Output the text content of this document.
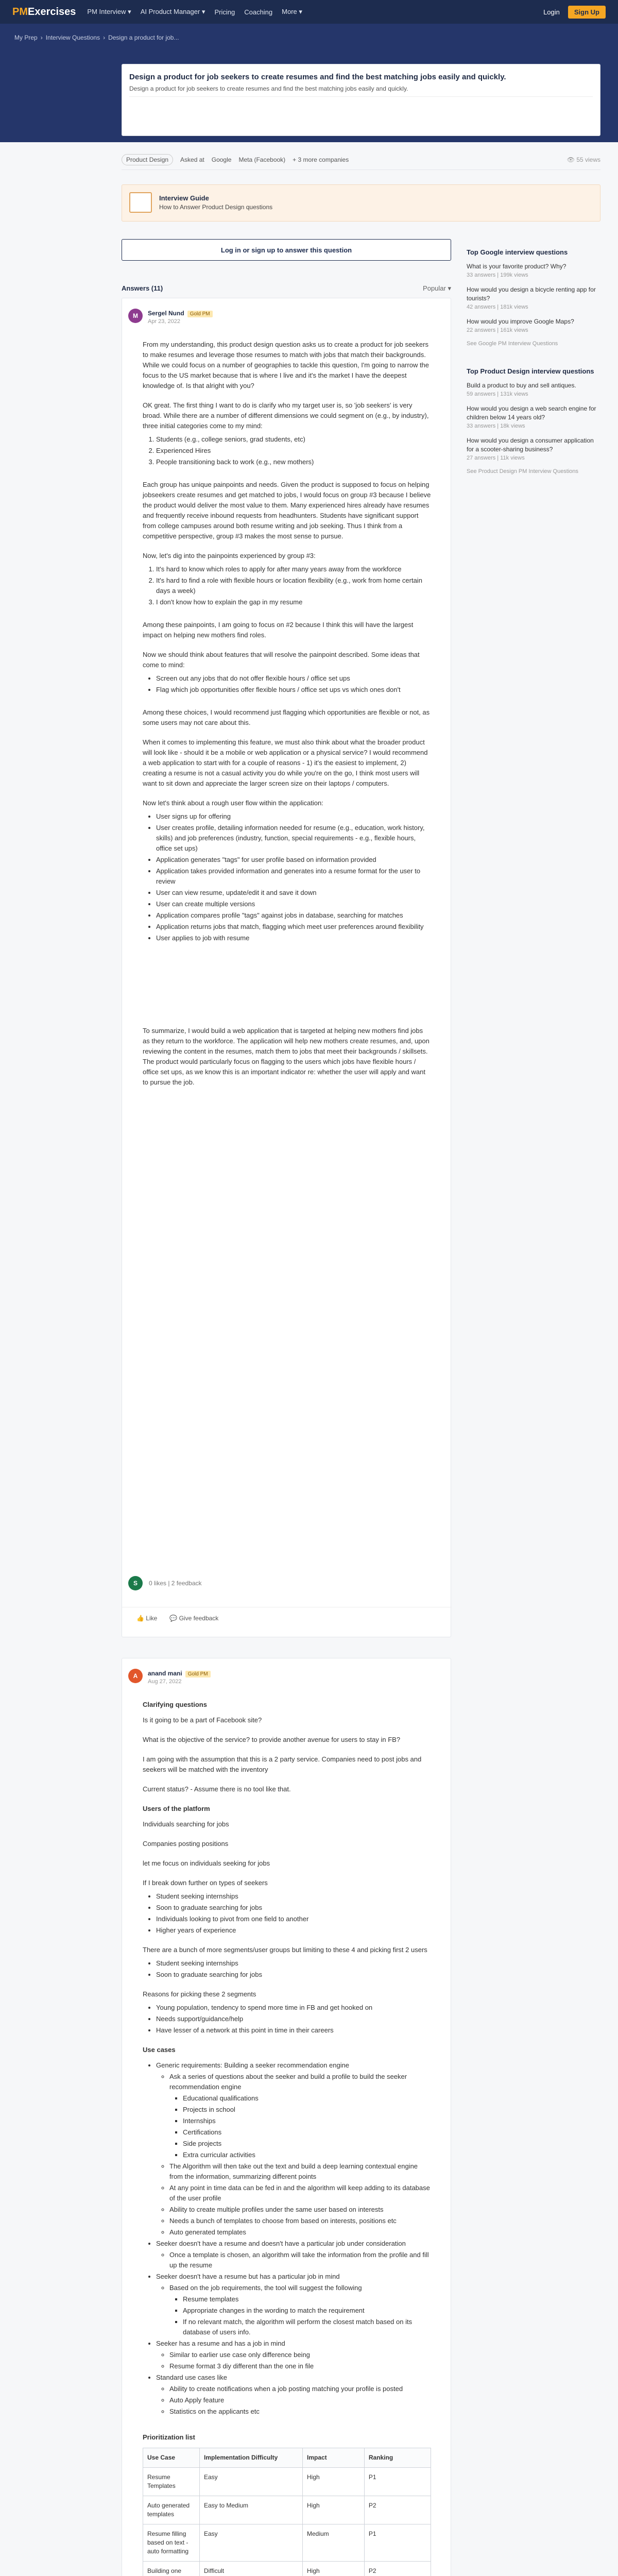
PMExercises PM Interview ▾ AI Product Manager ▾ Pricing Coaching More ▾	Login	Sign Up
My Prep › Interview Questions › Design a product for job...
Design a product for job seekers to create resumes and find the best matching jobs easily and quickly.
Design a product for job seekers to create resumes and find the best matching jobs easily and quickly.
Product Design	Asked at Google Meta (Facebook) + 3 more companies	👁 55 views
Interview Guide
How to Answer Product Design questions
Log in or sign up to answer this question
Answers (11)	Popular ▾
Top Google interview questions
What is your favorite product? Why?
33 answers | 199k views
How would you design a bicycle renting app for tourists?
42 answers | 181k views
How would you improve Google Maps?
22 answers | 161k views
See Google PM Interview Questions
Top Product Design interview questions
Build a product to buy and sell antiques.
59 answers | 131k views
How would you design a web search engine for children below 14 years old?
33 answers | 18k views
How would you design a consumer application for a scooter-sharing business?
27 answers | 11k views
See Product Design PM Interview Questions
M	Sergel Nund Gold PM
Apr 23, 2022

From my understanding, this product design question asks us to create a product for job seekers to make resumes and leverage those resumes to match with jobs that match their backgrounds. While we could focus on a number of geographies to tackle this question, I'm going to narrow the focus to the US market because that is where I live and it's the market I have the deepest knowledge of. Is that alright with you?

OK great. The first thing I want to do is clarify who my target user is, so 'job seekers' is very broad. While there are a number of different dimensions we could segment on (e.g., by industry), three initial categories come to my mind:

1. Students (e.g., college seniors, grad students, etc)
2. Experienced Hires
3. People transitioning back to work (e.g., new mothers)

Each group has unique painpoints and needs. Given the product is supposed to focus on helping jobseekers create resumes and get matched to jobs, I would focus on group #3 because I believe the product would deliver the most value to them. Many experienced hires already have resumes and frequently receive inbound requests from headhunters. Students have significant support from college campuses around both resume writing and job seeking. Thus I think from a competitive perspective, group #3 makes the most sense to pursue.

Now, let's dig into the painpoints experienced by group #3:

1. It's hard to know which roles to apply for after many years away from the workforce
2. It's hard to find a role with flexible hours or location flexibility (e.g., work from home certain days a week)
3. I don't know how to explain the gap in my resume

Among these painpoints, I am going to focus on #2 because I think this will have the largest impact on helping new mothers find roles.

Now we should think about features that will resolve the painpoint described. Some ideas that come to mind:

• Screen out any jobs that do not offer flexible hours / office set ups
• Flag which job opportunities offer flexible hours / office set ups vs which ones don't

Among these choices, I would recommend just flagging which opportunities are flexible or not, as some users may not care about this.

When it comes to implementing this feature, we must also think about what the broader product will look like - should it be a mobile or web application or a physical service? I would recommend a web application to start with for a couple of reasons - 1) it's the easiest to implement, 2) creating a resume is not a casual activity you do while you're on the go, I think most users will want to sit down and appreciate the larger screen size on their laptops / computers.

Now let's think about a rough user flow within the application:

• User signs up for offering
• User creates profile, detailing information needed for resume (e.g., education, work history, skills) and job preferences (industry, function, special requirements - e.g., flexible hours, office set ups)
• Application generates "tags" for user profile based on information provided
• Application takes provided information and generates into a resume format for the user to review
• User can view resume, update/edit it and save it down
• User can create multiple versions
• Application compares profile "tags" against jobs in database, searching for matches
• Application returns jobs that match, flagging which meet user preferences around flexibility
• User applies to job with resume

To summarize, I would build a web application that is targeted at helping new mothers find jobs as they return to the workforce. The application will help new mothers create resumes, and, upon reviewing the content in the resumes, match them to jobs that meet their backgrounds / skillsets. The product would particularly focus on flagging to the users which jobs have flexible hours / office set ups, as we know this is an important indicator re: whether the user will apply and want to pursue the job.

S	0 likes | 2 feedback
👍 Like 💬 Give feedback
A	anand mani Gold PM
Aug 27, 2022
Clarifying questions

Is it going to be a part of Facebook site?

What is the objective of the service? to provide another avenue for users to stay in FB?

I am going with the assumption that this is a 2 party service. Companies need to post jobs and seekers will be matched with the inventory

Current status? - Assume there is no tool like that.

Users of the platform

Individuals searching for jobs

Companies posting positions

let me focus on individuals seeking for jobs

If I break down further on types of seekers

• Student seeking internships
• Soon to graduate searching for jobs
• Individuals looking to pivot from one field to another
• Higher years of experience

There are a bunch of more segments/user groups but limiting to these 4 and picking first 2 users

• Student seeking internships
• Soon to graduate searching for jobs

Reasons for picking these 2 segments

• Young population, tendency to spend more time in FB and get hooked on
• Needs support/guidance/help
• Have lesser of a network at this point in time in their careers
Use cases
• Generic requirements: Building a seeker recommendation engine
◦ Ask a series of questions about the seeker and build a profile to build the seeker recommendation engine
▪ Educational qualifications
▪ Projects in school
▪ Internships
▪ Certifications
▪ Side projects
▪ Extra curricular activities
◦ The Algorithm will then take out the text and build a deep learning contextual engine from the information, summarizing different points
◦ At any point in time data can be fed in and the algorithm will keep adding to its database of the user profile
◦ Ability to create multiple profiles under the same user based on interests
◦ Needs a bunch of templates to choose from based on interests, positions etc
◦ Auto generated templates
• Seeker doesn't have a resume and doesn't have a particular job under consideration
◦ Once a template is chosen, an algorithm will take the information from the profile and fill up the resume
• Seeker doesn't have a resume but has a particular job in mind
◦ Based on the job requirements, the tool will suggest the following
▪ Resume templates
▪ Appropriate changes in the wording to match the requirement
▪ If no relevant match, the algorithm will perform the closest match based on its database of users info.
• Seeker has a resume and has a job in mind
◦ Similar to earlier use case only difference being
◦ Resume format 3 diy different than the one in file
• Standard use cases like
◦ Ability to create notifications when a job posting matching your profile is posted
◦ Auto Apply feature
◦ Statistics on the applicants etc
Prioritization list
Use Case	Implementation Difficulty	Impact	Ranking
Resume Templates	Easy	High	P1
Auto generated templates	Easy to Medium	High	P2
Resume filling based on text - auto formatting	Easy	Medium	P1
Building one	Difficult	High	P2
